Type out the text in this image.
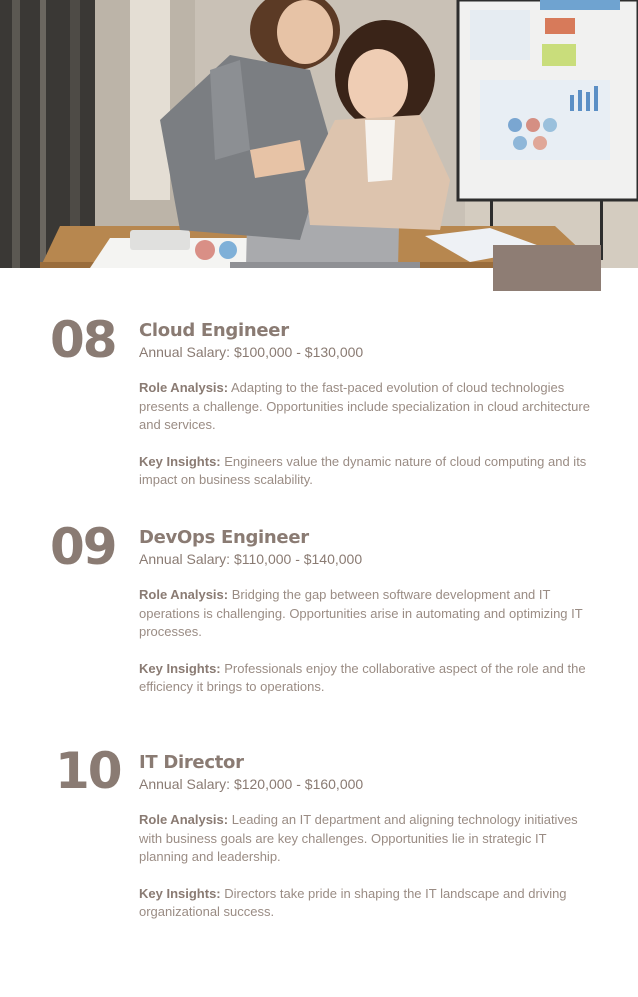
08 Cloud Engineer
Annual Salary: $100,000 - $130,000
Role Analysis: Adapting to the fast-paced evolution of cloud technologies presents a challenge. Opportunities include specialization in cloud architecture and services.
Key Insights: Engineers value the dynamic nature of cloud computing and its impact on business scalability.
09 DevOps Engineer
Annual Salary: $110,000 - $140,000
Role Analysis: Bridging the gap between software development and IT operations is challenging. Opportunities arise in automating and optimizing IT processes.
Key Insights: Professionals enjoy the collaborative aspect of the role and the efficiency it brings to operations.
10 IT Director
Annual Salary: $120,000 - $160,000
Role Analysis: Leading an IT department and aligning technology initiatives with business goals are key challenges. Opportunities lie in strategic IT planning and leadership.
Key Insights: Directors take pride in shaping the IT landscape and driving organizational success.
